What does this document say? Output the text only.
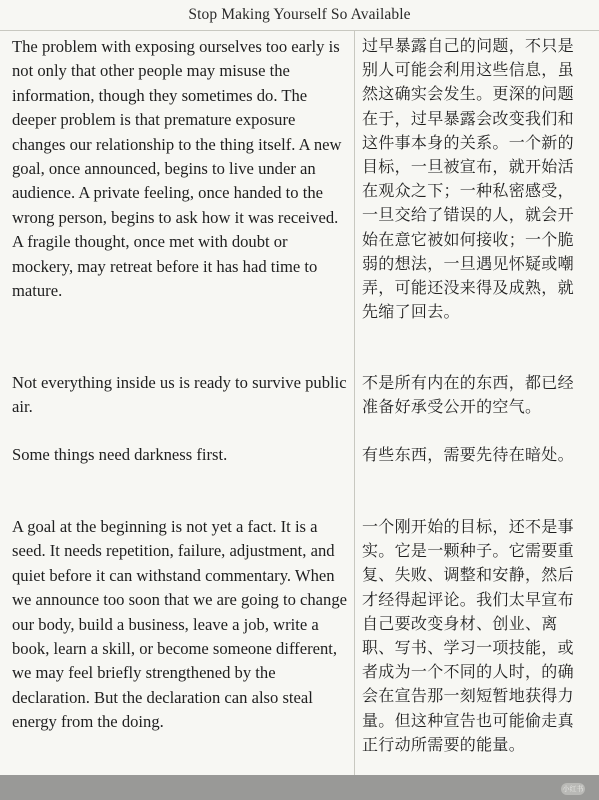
Stop Making Yourself So Available
The problem with exposing ourselves too early is not only that other people may misuse the information, though they sometimes do. The deeper problem is that premature exposure changes our relationship to the thing itself. A new goal, once announced, begins to live under an audience. A private feeling, once handed to the wrong person, begins to ask how it was received. A fragile thought, once met with doubt or mockery, may retreat before it has had time to mature.
过早暴露自己的问题，不只是别人可能会利用这些信息，虽然这确实会发生。更深的问题在于，过早暴露会改变我们和这件事本身的关系。一个新的目标，一旦被宣布，就开始活在观众之下；一种私密感受，一旦交给了错误的人，就会开始在意它被如何接收；一个脆弱的想法，一旦遇见怀疑或嘲弄，可能还没来得及成熟，就先缩了回去。
Not everything inside us is ready to survive public air.
不是所有内在的东西，都已经准备好承受公开的空气。
Some things need darkness first.	有些东西，需要先待在暗处。
A goal at the beginning is not yet a fact. It is a seed. It needs repetition, failure, adjustment, and quiet before it can withstand commentary. When we announce too soon that we are going to change our body, build a business, leave a job, write a book, learn a skill, or become someone different, we may feel briefly strengthened by the declaration. But the declaration can also steal energy from the doing.
一个刚开始的目标，还不是事实。它是一颗种子。它需要重复、失败、调整和安静，然后才经得起评论。我们太早宣布自己要改变身材、创业、离职、写书、学习一项技能，或者成为一个不同的人时，的确会在宣告那一刻短暂地获得力量。但这种宣告也可能偷走真正行动所需要的能量。
小红书
